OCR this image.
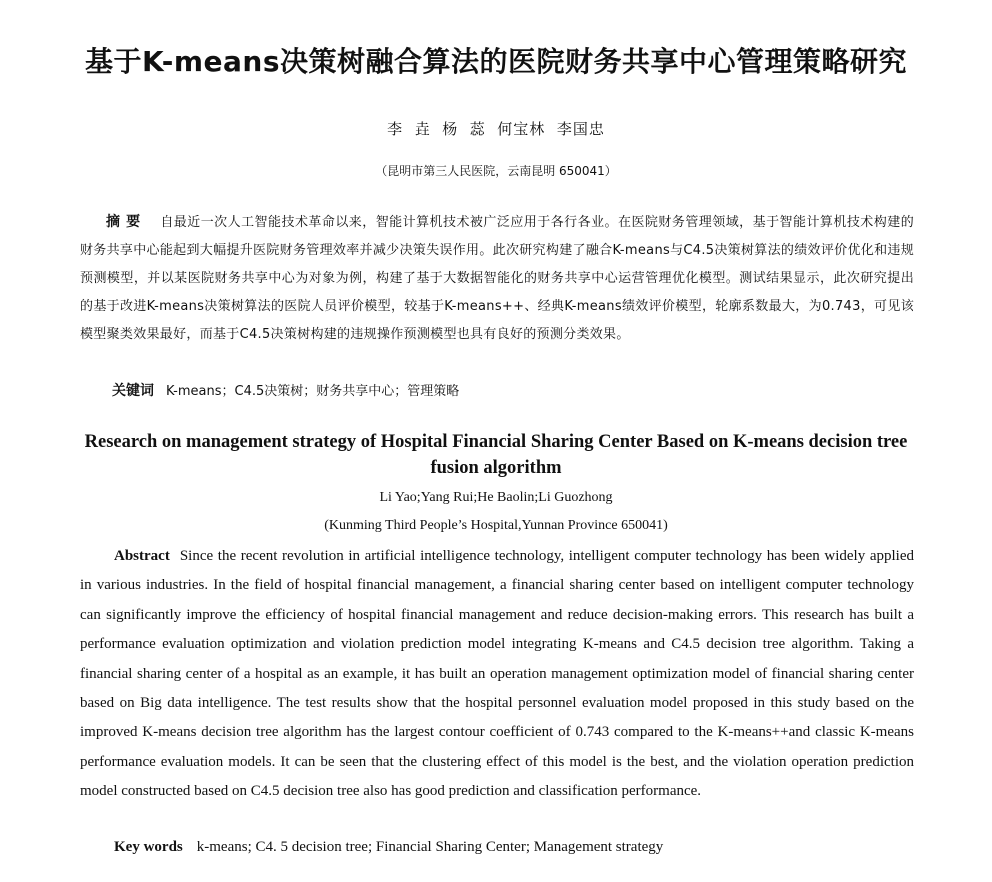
基于K-means决策树融合算法的医院财务共享中心管理策略研究
李  垚  杨  蕊  何宝林  李国忠
（昆明市第三人民医院，云南昆明 650041）
摘要 自最近一次人工智能技术革命以来，智能计算机技术被广泛应用于各行各业。在医院财务管理领域，基于智能计算机技术构建的财务共享中心能起到大幅提升医院财务管理效率并减少决策失误作用。此次研究构建了融合K-means与C4.5决策树算法的绩效评价优化和违规预测模型，并以某医院财务共享中心为对象为例，构建了基于大数据智能化的财务共享中心运营管理优化模型。测试结果显示，此次研究提出的基于改进K-means决策树算法的医院人员评价模型，较基于K-means++、经典K-means绩效评价模型，轮廓系数最大，为0.743，可见该模型聚类效果最好，而基于C4.5决策树构建的违规操作预测模型也具有良好的预测分类效果。
关键词 K-means；C4.5决策树；财务共享中心；管理策略
Research on management strategy of Hospital Financial Sharing Center Based on K-means decision tree fusion algorithm
Li Yao;Yang Rui;He Baolin;Li Guozhong
(Kunming Third People’s Hospital,Yunnan Province 650041)
Abstract Since the recent revolution in artificial intelligence technology, intelligent computer technology has been widely applied in various industries. In the field of hospital financial management, a financial sharing center based on intelligent computer technology can significantly improve the efficiency of hospital financial management and reduce decision-making errors. This research has built a performance evaluation optimization and violation prediction model integrating K-means and C4.5 decision tree algorithm. Taking a financial sharing center of a hospital as an example, it has built an operation management optimization model of financial sharing center based on Big data intelligence. The test results show that the hospital personnel evaluation model proposed in this study based on the improved K-means decision tree algorithm has the largest contour coefficient of 0.743 compared to the K-means++and classic K-means performance evaluation models. It can be seen that the clustering effect of this model is the best, and the violation operation prediction model constructed based on C4.5 decision tree also has good prediction and classification performance.
Key words k-means; C4. 5 decision tree; Financial Sharing Center; Management strategy
